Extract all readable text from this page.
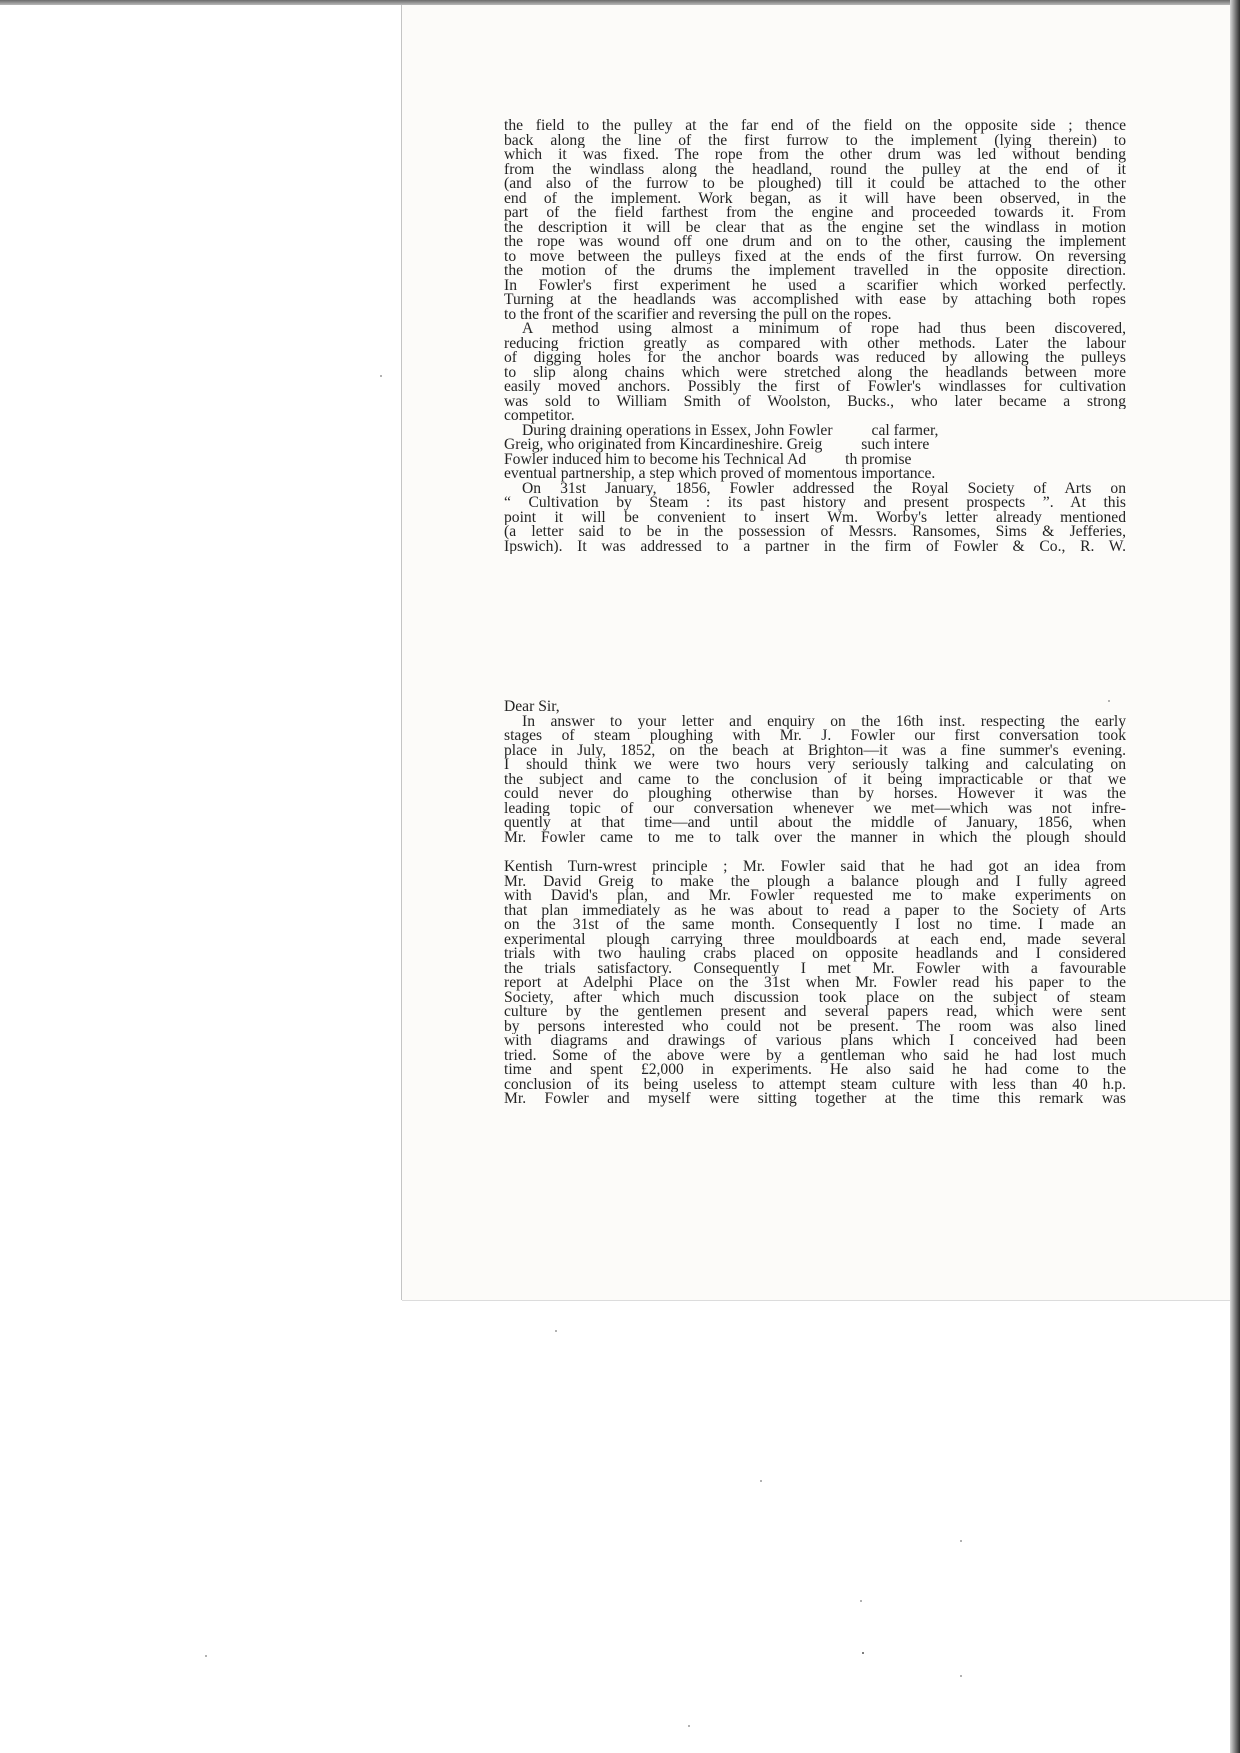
the field to the pulley at the far end of the field on the opposite side ; thence

back along the line of the first furrow to the implement (lying therein) to

which it was fixed. The rope from the other drum was led without bending

from the windlass along the headland, round the pulley at the end of it

(and also of the furrow to be ploughed) till it could be attached to the other

end of the implement. Work began, as it will have been observed, in the

part of the field farthest from the engine and proceeded towards it. From

the description it will be clear that as the engine set the windlass in motion

the rope was wound off one drum and on to the other, causing the implement

to move between the pulleys fixed at the ends of the first furrow. On reversing

the motion of the drums the implement travelled in the opposite direction.

In Fowler's first experiment he used a scarifier which worked perfectly.

Turning at the headlands was accomplished with ease by attaching both ropes

to the front of the scarifier and reversing the pull on the ropes.

A method using almost a minimum of rope had thus been discovered,

reducing friction greatly as compared with other methods. Later the labour

of digging holes for the anchor boards was reduced by allowing the pulleys

to slip along chains which were stretched along the headlands between more

easily moved anchors. Possibly the first of Fowler's windlasses for cultivation

was sold to William Smith of Woolston, Bucks., who later became a strong

competitor.

During draining operations in Essex, John Fowler          cal farmer,

Greig, who originated from Kincardineshire. Greig          such intere

Fowler induced him to become his Technical Ad          th promise

eventual partnership, a step which proved of momentous importance.

On 31st January, 1856, Fowler addressed the Royal Society of Arts on

“ Cultivation by Steam : its past history and present prospects ”. At this

point it will be convenient to insert Wm. Worby's letter already mentioned

(a letter said to be in the possession of Messrs. Ransomes, Sims & Jefferies,

Ipswich). It was addressed to a partner in the firm of Fowler & Co., R. W.

Dear Sir,

In answer to your letter and enquiry on the 16th inst. respecting the early

stages of steam ploughing with Mr. J. Fowler our first conversation took

place in July, 1852, on the beach at Brighton—it was a fine summer's evening.

I should think we were two hours very seriously talking and calculating on

the subject and came to the conclusion of it being impracticable or that we

could never do ploughing otherwise than by horses. However it was the

leading topic of our conversation whenever we met—which was not infre-

quently at that time—and until about the middle of January, 1856, when

Mr. Fowler came to me to talk over the manner in which the plough should

Kentish Turn-wrest principle ; Mr. Fowler said that he had got an idea from

Mr. David Greig to make the plough a balance plough and I fully agreed

with David's plan, and Mr. Fowler requested me to make experiments on

that plan immediately as he was about to read a paper to the Society of Arts

on the 31st of the same month. Consequently I lost no time. I made an

experimental plough carrying three mouldboards at each end, made several

trials with two hauling crabs placed on opposite headlands and I considered

the trials satisfactory. Consequently I met Mr. Fowler with a favourable

report at Adelphi Place on the 31st when Mr. Fowler read his paper to the

Society, after which much discussion took place on the subject of steam

culture by the gentlemen present and several papers read, which were sent

by persons interested who could not be present. The room was also lined

with diagrams and drawings of various plans which I conceived had been

tried. Some of the above were by a gentleman who said he had lost much

time and spent £2,000 in experiments. He also said he had come to the

conclusion of its being useless to attempt steam culture with less than 40 h.p.

Mr. Fowler and myself were sitting together at the time this remark was
